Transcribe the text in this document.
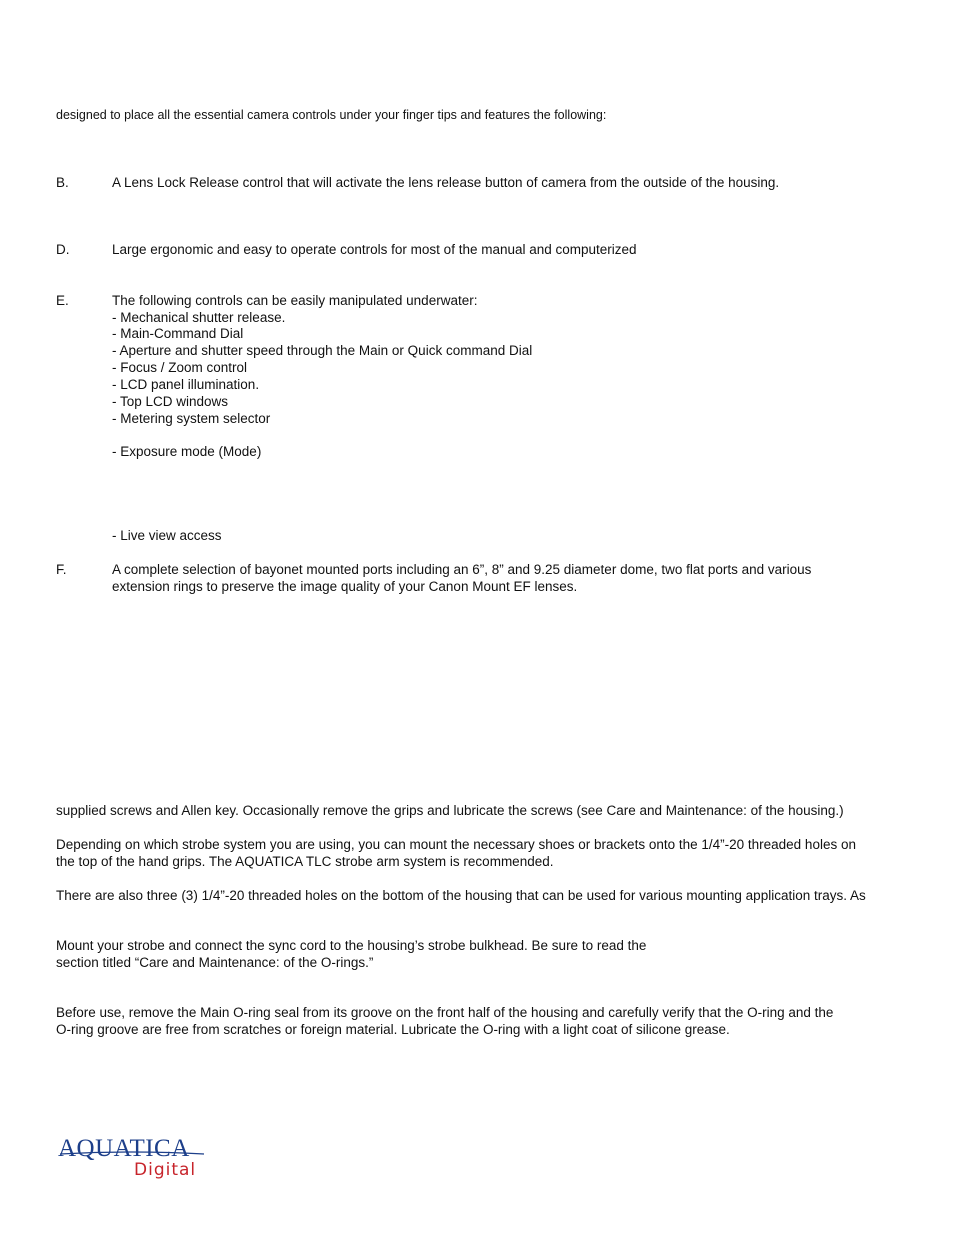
designed to place all the essential camera controls under your finger tips and features the following:
B.	A Lens Lock Release control that will activate the lens release button of camera from the outside of the housing.
D.	Large ergonomic and easy to operate controls for most of the manual and computerized
E.	The following controls can be easily manipulated underwater:
- Mechanical shutter release.
- Main-Command Dial
- Aperture and shutter speed through the Main or Quick command Dial
- Focus / Zoom control
- LCD panel illumination.
- Top LCD windows
- Metering system selector
- Exposure mode (Mode)
- Live view access
F.	A complete selection of bayonet mounted ports including an 6”, 8” and 9.25 diameter dome, two flat ports and various
extension rings to preserve the image quality of your Canon Mount EF lenses.
supplied screws and Allen key. Occasionally remove the grips and lubricate the screws (see Care and Maintenance: of the housing.)
Depending on which strobe system you are using, you can mount the necessary shoes or brackets onto the 1/4”-20 threaded holes on
the top of the hand grips. The AQUATICA TLC strobe arm system is recommended.
There are also three (3) 1/4”-20 threaded holes on the bottom of the housing that can be used for various mounting application trays. As
Mount your strobe and connect the sync cord to the housing’s strobe bulkhead. Be sure to read the
section titled “Care and Maintenance: of the O-rings.”
Before use, remove the Main O-ring seal from its groove on the front half of the housing and carefully verify that the O-ring and the
O-ring groove are free from scratches or foreign material. Lubricate the O-ring with a light coat of silicone grease.
AQUATICA
Digital
